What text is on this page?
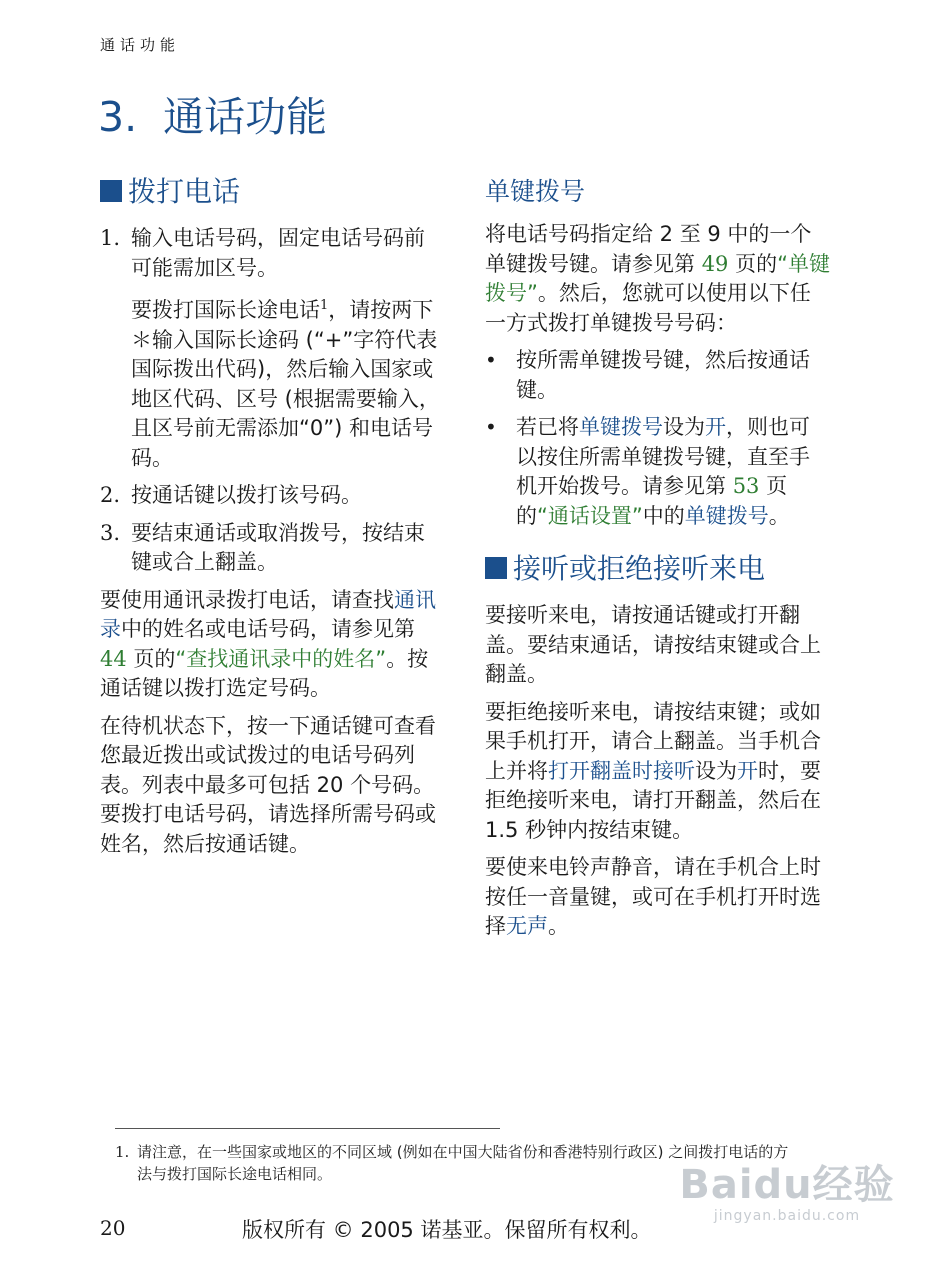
通话功能
3. 通话功能
拨打电话
1. 输入电话号码，固定电话号码前可能需加区号。

要拨打国际长途电话$^1$，请按两下＊输入国际长途码 (“+”字符代表国际拨出代码)，然后输入国家或地区代码、区号 (根据需要输入，且区号前无需添加“0”) 和电话号码。

2. 按通话键以拨打该号码。

3. 要结束通话或取消拨号，按结束键或合上翻盖。

要使用通讯录拨打电话，请查找通讯录中的姓名或电话号码，请参见第 44 页的“查找通讯录中的姓名”。按通话键以拨打选定号码。

在待机状态下，按一下通话键可查看您最近拨出或试拨过的电话号码列表。列表中最多可包括 20 个号码。要拨打电话号码，请选择所需号码或姓名，然后按通话键。

单键拨号

将电话号码指定给 2 至 9 中的一个单键拨号键。请参见第 49 页的“单键拨号”。然后，您就可以使用以下任一方式拨打单键拨号号码：

• 按所需单键拨号键，然后按通话键。

• 若已将单键拨号设为开，则也可以按住所需单键拨号键，直至手机开始拨号。请参见第 53 页的“通话设置”中的单键拨号。

接听或拒绝接听来电

要接听来电，请按通话键或打开翻盖。要结束通话，请按结束键或合上翻盖。

要拒绝接听来电，请按结束键；或如果手机打开，请合上翻盖。当手机合上并将打开翻盖时接听设为开时，要拒绝接听来电，请打开翻盖，然后在 1.5 秒钟内按结束键。

要使来电铃声静音，请在手机合上时按任一音量键，或可在手机打开时选择无声。

1. 请注意，在一些国家或地区的不同区域 (例如在中国大陆省份和香港特别行政区) 之间拨打电话的方法与拨打国际长途电话相同。
20	版权所有 © 2005 诺基亚。保留所有权利。
Baidu经验
jingyan.baidu.com
